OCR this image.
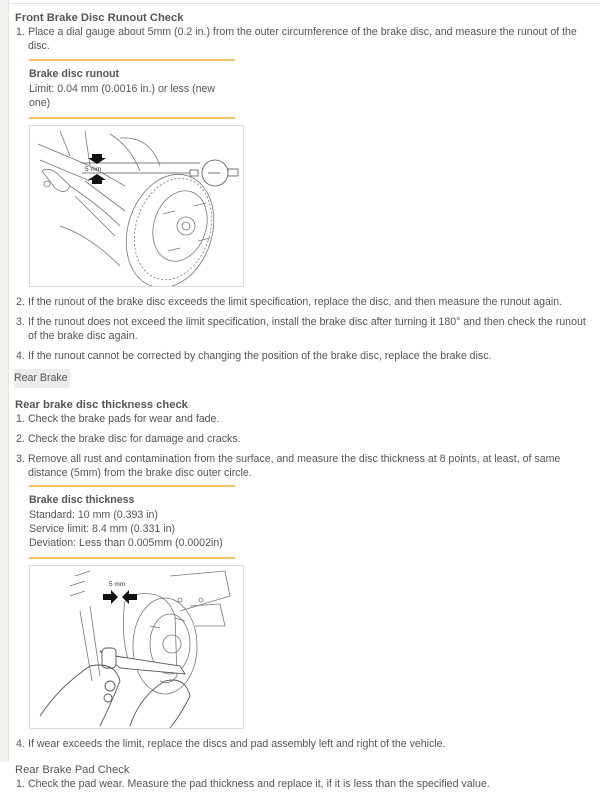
Front Brake Disc Runout Check
1. Place a dial gauge about 5mm (0.2 in.) from the outer circumference of the brake disc, and measure the runout of the disc.
Brake disc runout
Limit: 0.04 mm (0.0016 in.) or less (new one)
5 mm
2. If the runout of the brake disc exceeds the limit specification, replace the disc, and then measure the runout again.
3. If the runout does not exceed the limit specification, install the brake disc after turning it 180° and then check the runout of the brake disc again.
4. If the runout cannot be corrected by changing the position of the brake disc, replace the brake disc.
Rear Brake
Rear brake disc thickness check
1. Check the brake pads for wear and fade.
2. Check the brake disc for damage and cracks.
3. Remove all rust and contamination from the surface, and measure the disc thickness at 8 points, at least, of same distance (5mm) from the brake disc outer circle.
Brake disc thickness
Standard: 10 mm (0.393 in)
Service limit: 8.4 mm (0.331 in)
Deviation: Less than 0.005mm (0.0002in)
5 mm
4. If wear exceeds the limit, replace the discs and pad assembly left and right of the vehicle.
Rear Brake Pad Check
1. Check the pad wear. Measure the pad thickness and replace it, if it is less than the specified value.
